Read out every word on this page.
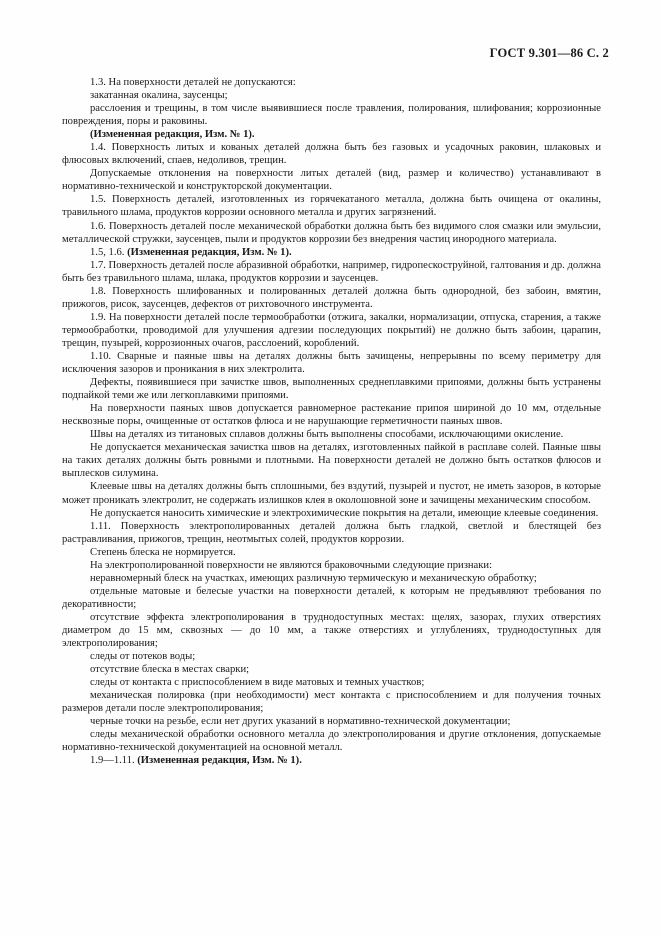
ГОСТ 9.301—86 С. 2

1.3. На поверхности деталей не допускаются:

закатанная окалина, заусенцы;

расслоения и трещины, в том числе выявившиеся после травления, полирования, шлифования; коррозионные повреждения, поры и раковины.

(Измененная редакция, Изм. № 1).

1.4. Поверхность литых и кованых деталей должна быть без газовых и усадочных раковин, шлаковых и флюсовых включений, спаев, недоливов, трещин.

Допускаемые отклонения на поверхности литых деталей (вид, размер и количество) устанавливают в нормативно-технической и конструкторской документации.

1.5. Поверхность деталей, изготовленных из горячекатаного металла, должна быть очищена от окалины, травильного шлама, продуктов коррозии основного металла и других загрязнений.

1.6. Поверхность деталей после механической обработки должна быть без видимого слоя смазки или эмульсии, металлической стружки, заусенцев, пыли и продуктов коррозии без внедрения частиц инородного материала.

1.5, 1.6. (Измененная редакция, Изм. № 1).

1.7. Поверхность деталей после абразивной обработки, например, гидропескоструйной, галтования и др. должна быть без травильного шлама, шлака, продуктов коррозии и заусенцев.

1.8. Поверхность шлифованных и полированных деталей должна быть однородной, без забоин, вмятин, прижогов, рисок, заусенцев, дефектов от рихтовочного инструмента.

1.9. На поверхности деталей после термообработки (отжига, закалки, нормализации, отпуска, старения, а также термообработки, проводимой для улучшения адгезии последующих покрытий) не должно быть забоин, царапин, трещин, пузырей, коррозионных очагов, расслоений, короблений.

1.10. Сварные и паяные швы на деталях должны быть зачищены, непрерывны по всему периметру для исключения зазоров и проникания в них электролита.

Дефекты, появившиеся при зачистке швов, выполненных среднеплавкими припоями, должны быть устранены подпайкой теми же или легкоплавкими припоями.

На поверхности паяных швов допускается равномерное растекание припоя шириной до 10 мм, отдельные несквозные поры, очищенные от остатков флюса и не нарушающие герметичности паяных швов.

Швы на деталях из титановых сплавов должны быть выполнены способами, исключающими окисление.

Не допускается механическая зачистка швов на деталях, изготовленных пайкой в расплаве солей. Паяные швы на таких деталях должны быть ровными и плотными. На поверхности деталей не должно быть остатков флюсов и выплесков силумина.

Клеевые швы на деталях должны быть сплошными, без вздутий, пузырей и пустот, не иметь зазоров, в которые может проникать электролит, не содержать излишков клея в околошовной зоне и зачищены механическим способом.

Не допускается наносить химические и электрохимические покрытия на детали, имеющие клеевые соединения.

1.11. Поверхность электрополированных деталей должна быть гладкой, светлой и блестящей без растравливания, прижогов, трещин, неотмытых солей, продуктов коррозии.

Степень блеска не нормируется.

На электрополированной поверхности не являются браковочными следующие признаки:

неравномерный блеск на участках, имеющих различную термическую и механическую обработку;

отдельные матовые и белесые участки на поверхности деталей, к которым не предъявляют требования по декоративности;

отсутствие эффекта электрополирования в труднодоступных местах: щелях, зазорах, глухих отверстиях диаметром до 15 мм, сквозных — до 10 мм, а также отверстиях и углублениях, труднодоступных для электрополирования;

следы от потеков воды;

отсутствие блеска в местах сварки;

следы от контакта с приспособлением в виде матовых и темных участков;

механическая полировка (при необходимости) мест контакта с приспособлением и для получения точных размеров детали после электрополирования;

черные точки на резьбе, если нет других указаний в нормативно-технической документации;

следы механической обработки основного металла до электрополирования и другие отклонения, допускаемые нормативно-технической документацией на основной металл.

1.9—1.11. (Измененная редакция, Изм. № 1).
